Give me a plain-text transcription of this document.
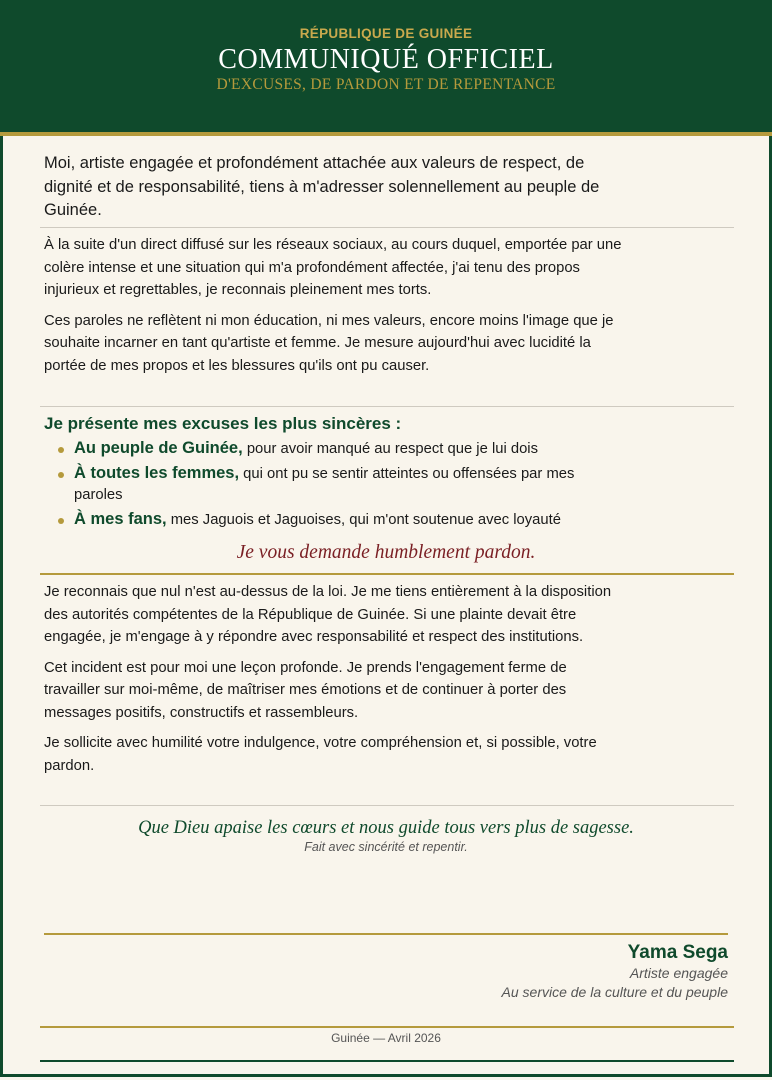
RÉPUBLIQUE DE GUINÉE
COMMUNIQUÉ OFFICIEL
D'EXCUSES, DE PARDON ET DE REPENTANCE
Moi, artiste engagée et profondément attachée aux valeurs de respect, de dignité et de responsabilité, tiens à m'adresser solennellement au peuple de Guinée.

À la suite d'un direct diffusé sur les réseaux sociaux, au cours duquel, emportée par une colère intense et une situation qui m'a profondément affectée, j'ai tenu des propos injurieux et regrettables, je reconnais pleinement mes torts.

Ces paroles ne reflètent ni mon éducation, ni mes valeurs, encore moins l'image que je souhaite incarner en tant qu'artiste et femme. Je mesure aujourd'hui avec lucidité la portée de mes propos et les blessures qu'ils ont pu causer.

Je présente mes excuses les plus sincères :
Au peuple de Guinée, pour avoir manqué au respect que je lui dois
À toutes les femmes, qui ont pu se sentir atteintes ou offensées par mes paroles
À mes fans, mes Jaguois et Jaguoises, qui m'ont soutenue avec loyauté
Je vous demande humblement pardon.

Je reconnais que nul n'est au-dessus de la loi. Je me tiens entièrement à la disposition des autorités compétentes de la République de Guinée. Si une plainte devait être engagée, je m'engage à y répondre avec responsabilité et respect des institutions.

Cet incident est pour moi une leçon profonde. Je prends l'engagement ferme de travailler sur moi-même, de maîtriser mes émotions et de continuer à porter des messages positifs, constructifs et rassembleurs.

Je sollicite avec humilité votre indulgence, votre compréhension et, si possible, votre pardon.

Que Dieu apaise les cœurs et nous guide tous vers plus de sagesse.
Fait avec sincérité et repentir.
Yama Sega
Artiste engagée
Au service de la culture et du peuple
Guinée — Avril 2026
